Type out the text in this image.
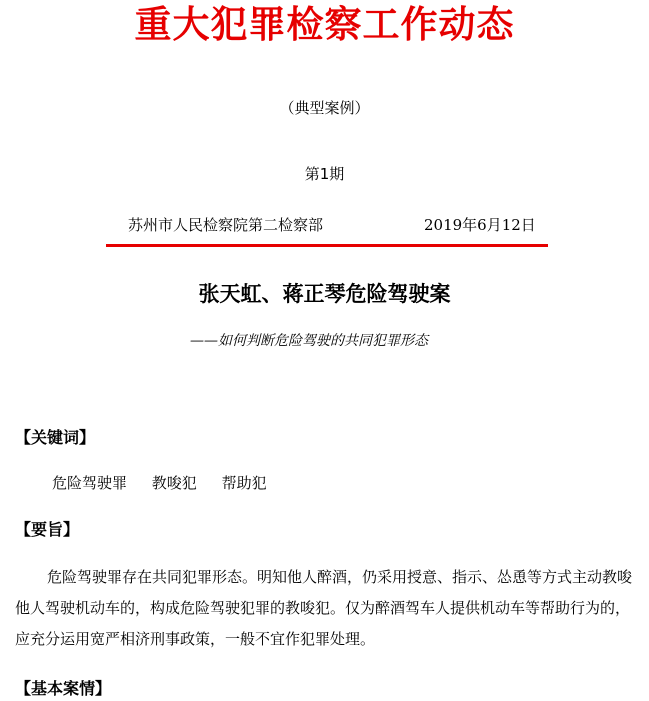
重大犯罪检察工作动态
（典型案例）
第1期
苏州市人民检察院第二检察部	2019年6月12日
张天虹、蒋正琴危险驾驶案
——如何判断危险驾驶的共同犯罪形态
【关键词】
危险驾驶罪 教唆犯 帮助犯
【要旨】

危险驾驶罪存在共同犯罪形态。明知他人醉酒，仍采用授意、指示、怂恿等方式主动教唆他人驾驶机动车的，构成危险驾驶犯罪的教唆犯。仅为醉酒驾车人提供机动车等帮助行为的，应充分运用宽严相济刑事政策，一般不宜作犯罪处理。

【基本案情】
